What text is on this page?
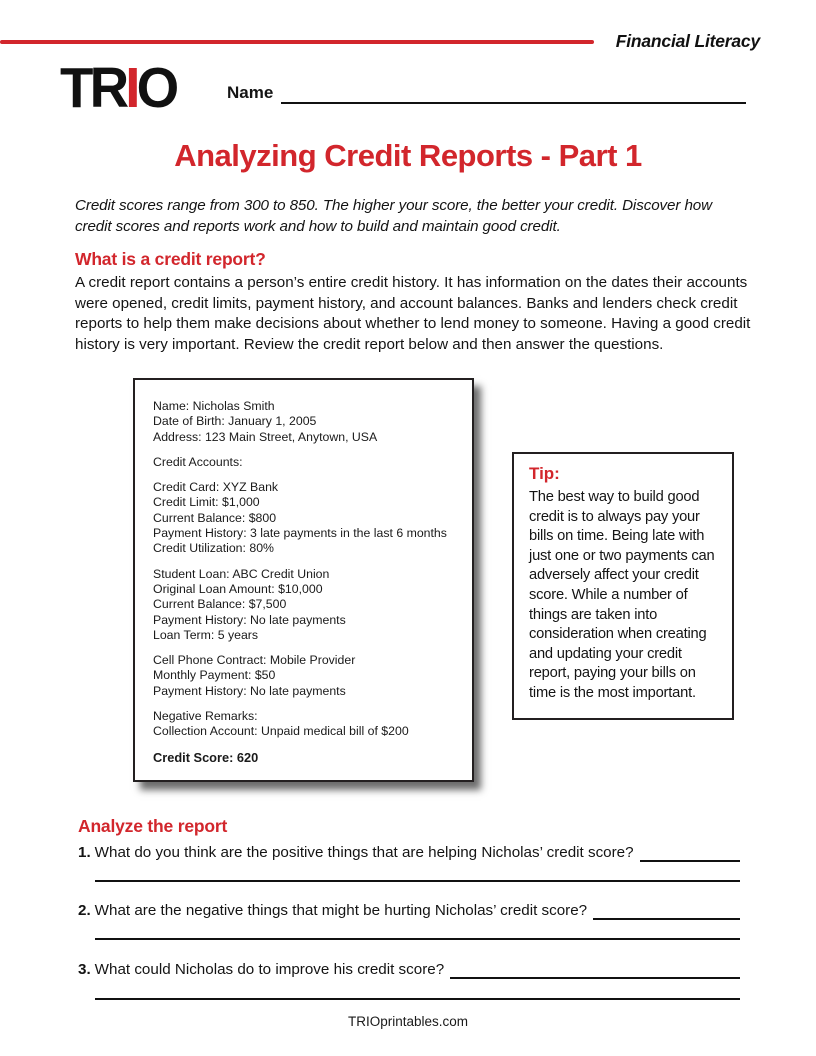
Financial Literacy
TRIO	Name
Analyzing Credit Reports - Part 1
Credit scores range from 300 to 850. The higher your score, the better your credit. Discover how credit scores and reports work and how to build and maintain good credit.
What is a credit report?
A credit report contains a person’s entire credit history. It has information on the dates their accounts were opened, credit limits, payment history, and account balances. Banks and lenders check credit reports to help them make decisions about whether to lend money to someone. Having a good credit history is very important. Review the credit report below and then answer the questions.
Name: Nicholas Smith
Date of Birth: January 1, 2005
Address: 123 Main Street, Anytown, USA
Credit Accounts:
Credit Card: XYZ Bank
Credit Limit: $1,000
Current Balance: $800
Payment History: 3 late payments in the last 6 months
Credit Utilization: 80%
Student Loan: ABC Credit Union
Original Loan Amount: $10,000
Current Balance: $7,500
Payment History: No late payments
Loan Term: 5 years
Cell Phone Contract: Mobile Provider
Monthly Payment: $50
Payment History: No late payments
Negative Remarks:
Collection Account: Unpaid medical bill of $200
Credit Score: 620
Tip:
The best way to build good credit is to always pay your bills on time. Being late with just one or two payments can adversely affect your credit score. While a number of things are taken into consideration when creating and updating your credit report, paying your bills on time is the most important.
Analyze the report
1. What do you think are the positive things that are helping Nicholas’ credit score?
2. What are the negative things that might be hurting Nicholas’ credit score?
3. What could Nicholas do to improve his credit score?
TRIOprintables.com
